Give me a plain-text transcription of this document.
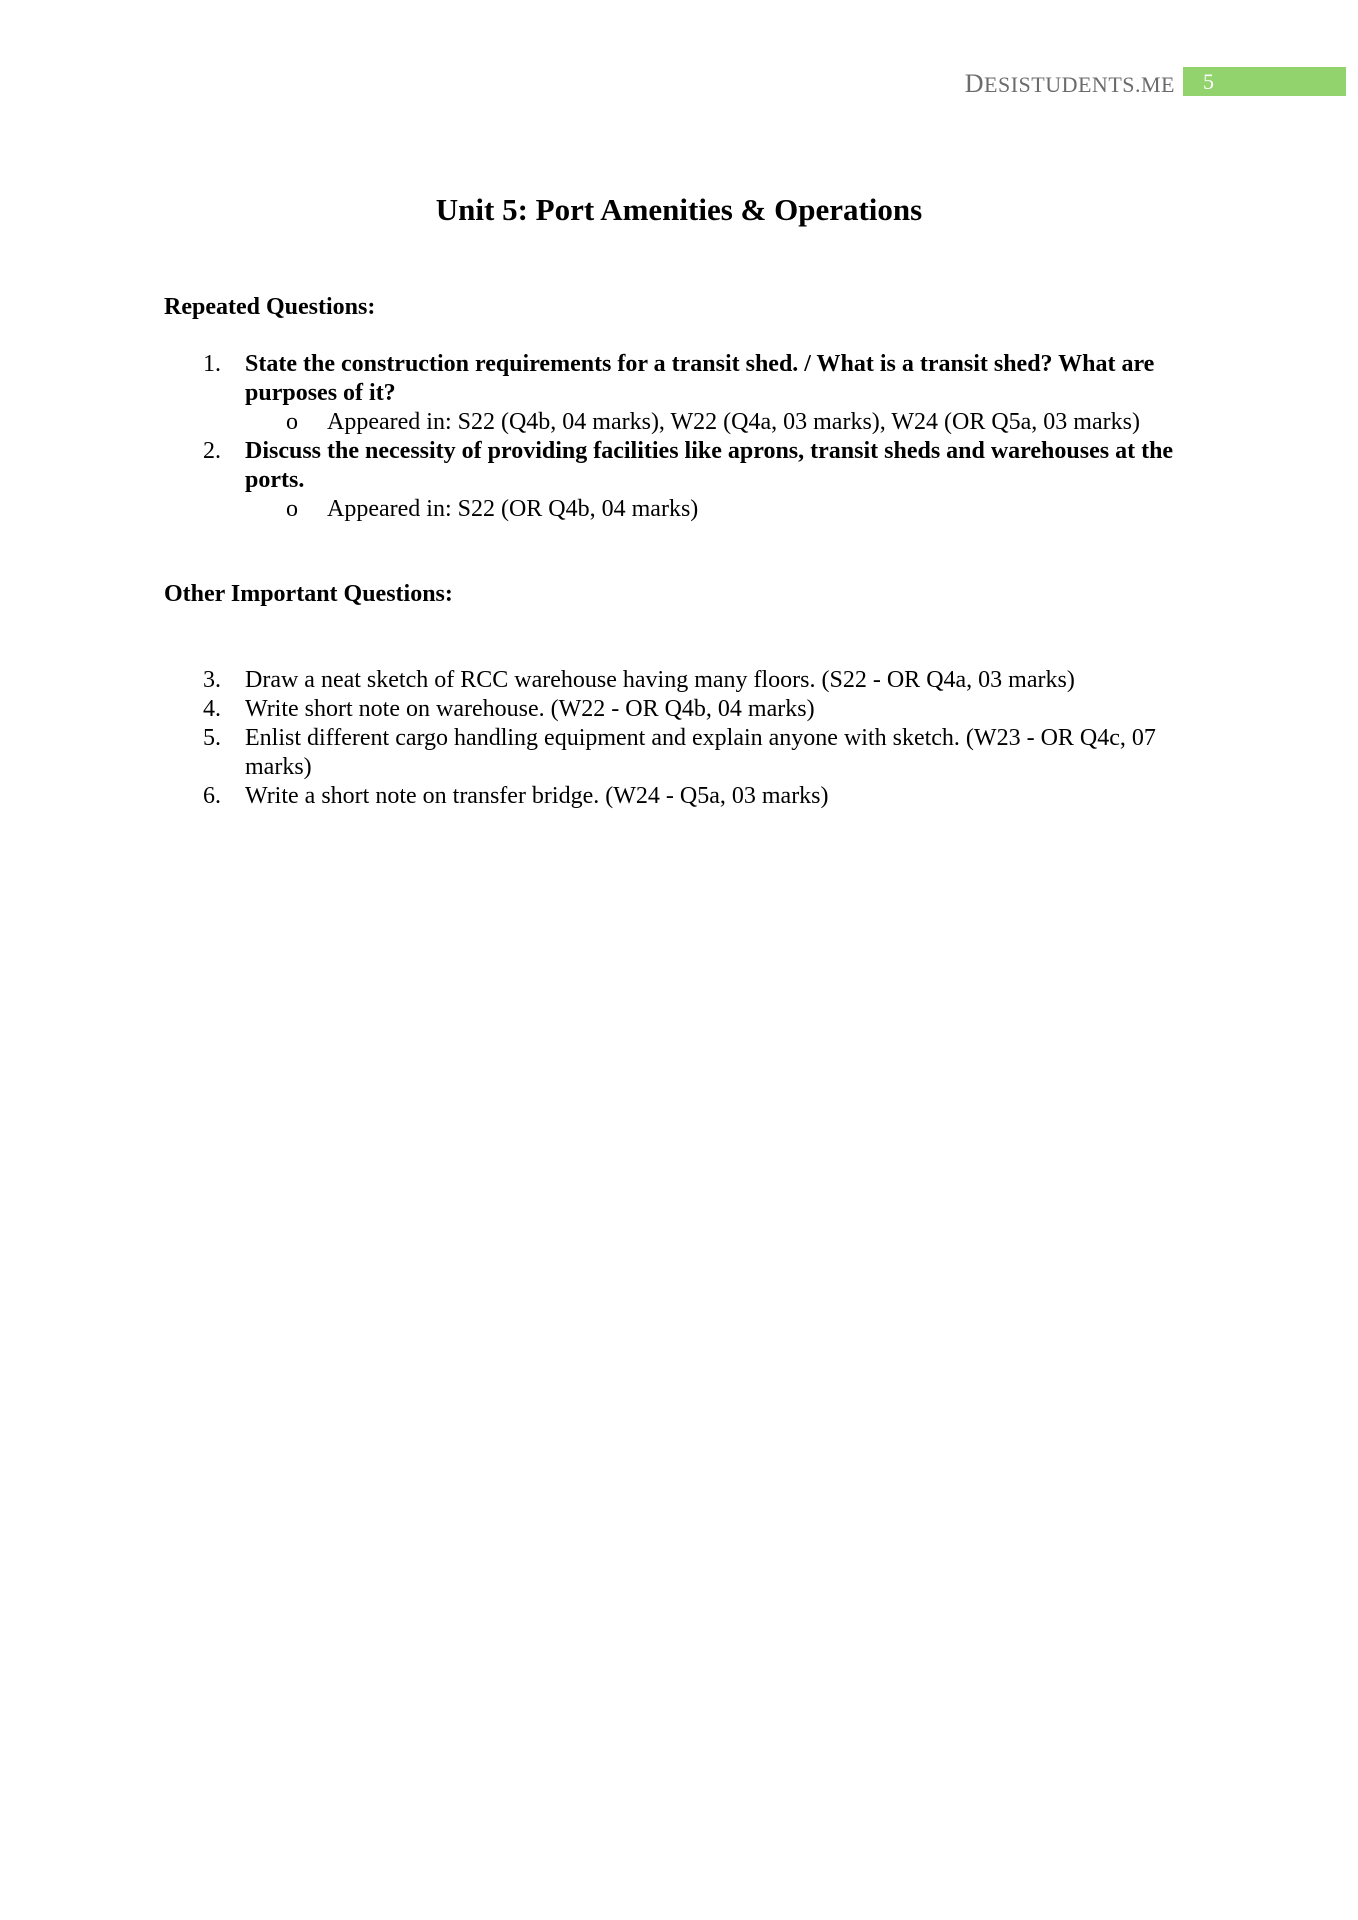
DESISTUDENTS.ME	5
Unit 5: Port Amenities & Operations
Repeated Questions:
1. State the construction requirements for a transit shed. / What is a transit shed? What are purposes of it?
o Appeared in: S22 (Q4b, 04 marks), W22 (Q4a, 03 marks), W24 (OR Q5a, 03 marks)
2. Discuss the necessity of providing facilities like aprons, transit sheds and warehouses at the ports.
o Appeared in: S22 (OR Q4b, 04 marks)
Other Important Questions:
3. Draw a neat sketch of RCC warehouse having many floors. (S22 - OR Q4a, 03 marks)
4. Write short note on warehouse. (W22 - OR Q4b, 04 marks)
5. Enlist different cargo handling equipment and explain anyone with sketch. (W23 - OR Q4c, 07 marks)
6. Write a short note on transfer bridge. (W24 - Q5a, 03 marks)
